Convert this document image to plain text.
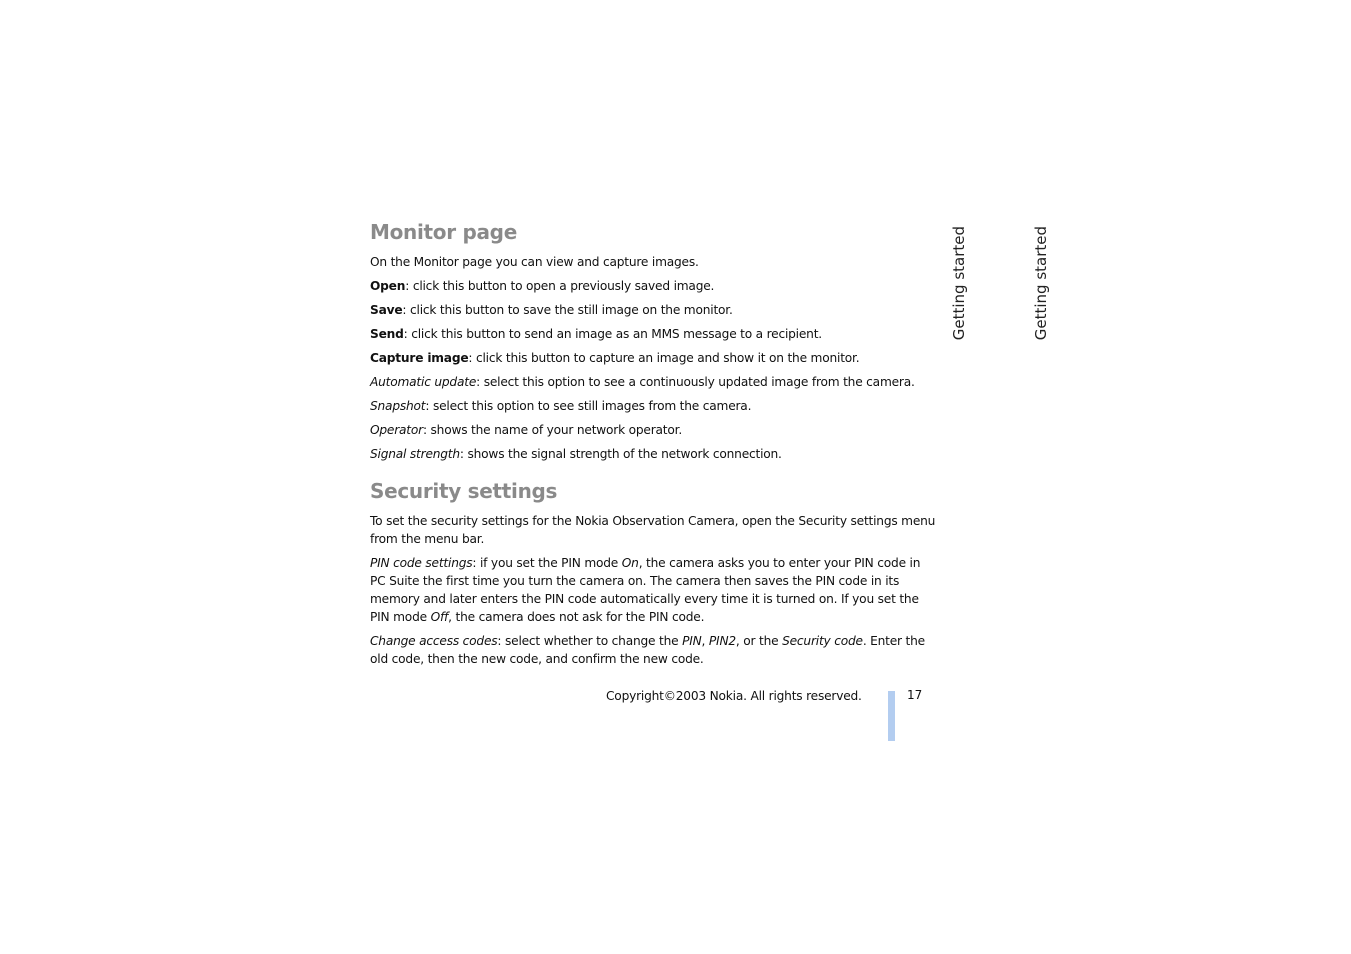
Getting started	Getting started
Monitor page

On the Monitor page you can view and capture images.

Open: click this button to open a previously saved image.

Save: click this button to save the still image on the monitor.

Send: click this button to send an image as an MMS message to a recipient.

Capture image: click this button to capture an image and show it on the monitor.

Automatic update: select this option to see a continuously updated image from the camera.

Snapshot: select this option to see still images from the camera.

Operator: shows the name of your network operator.

Signal strength: shows the signal strength of the network connection.

Security settings

To set the security settings for the Nokia Observation Camera, open the Security settings menu from the menu bar.

PIN code settings: if you set the PIN mode On, the camera asks you to enter your PIN code in PC Suite the first time you turn the camera on. The camera then saves the PIN code in its memory and later enters the PIN code automatically every time it is turned on. If you set the PIN mode Off, the camera does not ask for the PIN code.

Change access codes: select whether to change the PIN, PIN2, or the Security code. Enter the old code, then the new code, and confirm the new code.

Copyright©2003 Nokia. All rights reserved.	17
